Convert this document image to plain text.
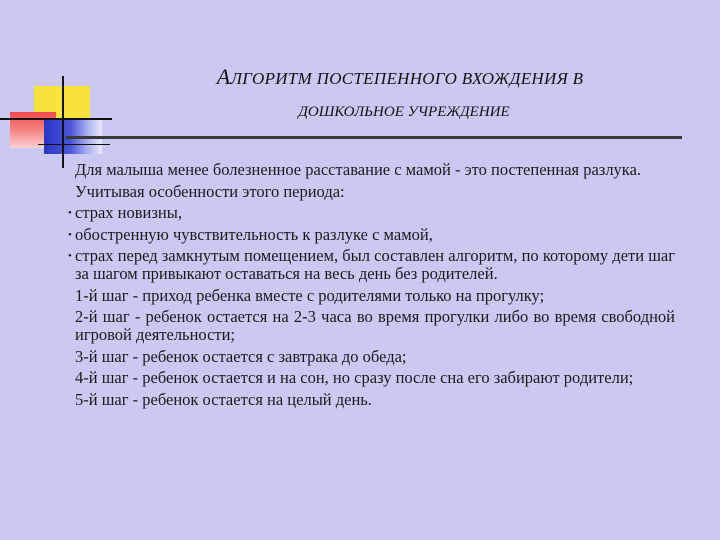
АЛГОРИТМ ПОСТЕПЕННОГО ВХОЖДЕНИЯ В
ДОШКОЛЬНОЕ УЧРЕЖДЕНИЕ

Для малыша менее болезненное расставание с мамой - это постепенная разлука.

Учитывая особенности этого периода:

• страх новизны,

• обостренную чувствительность к разлуке с мамой,

• страх перед замкнутым помещением, был составлен алгоритм, по которому дети шаг за шагом привыкают оставаться на весь день без родителей.

1-й шаг - приход ребенка вместе с родителями только на прогулку;

2-й шаг - ребенок остается на 2-3 часа во время прогулки либо во время свободной игровой деятельности;

3-й шаг - ребенок остается с завтрака до обеда;

4-й шаг - ребенок остается и на сон, но сразу после сна его забирают родители;

5-й шаг - ребенок остается на целый день.
